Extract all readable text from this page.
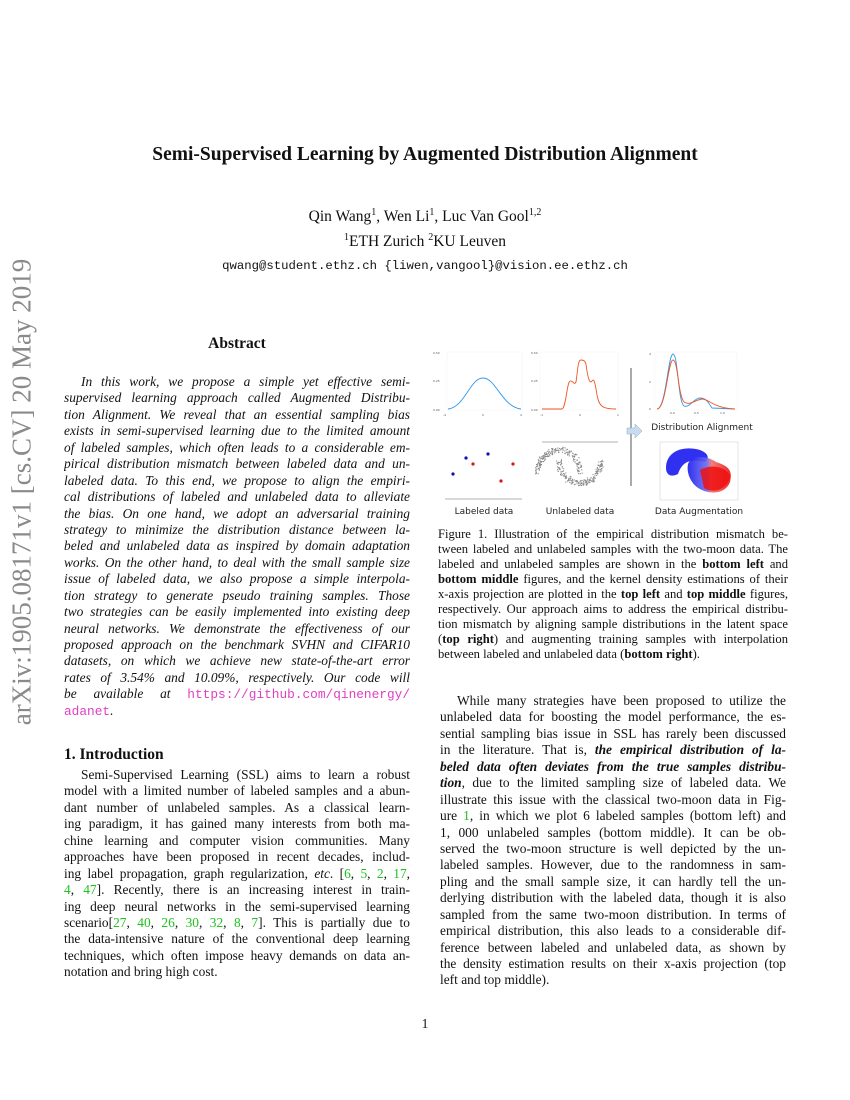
arXiv:1905.08171v1 [cs.CV] 20 May 2019
Semi-Supervised Learning by Augmented Distribution Alignment
Qin Wang$^1$, Wen Li$^1$, Luc Van Gool$^{1,2}$
$^1$ETH Zurich $^2$KU Leuven
qwang@student.ethz.ch {liwen,vangool}@vision.ee.ethz.ch
Abstract
In this work, we propose a simple yet effective semi-
supervised learning approach called Augmented Distribu-
tion Alignment. We reveal that an essential sampling bias
exists in semi-supervised learning due to the limited amount
of labeled samples, which often leads to a considerable em-
pirical distribution mismatch between labeled data and un-
labeled data. To this end, we propose to align the empiri-
cal distributions of labeled and unlabeled data to alleviate
the bias. On one hand, we adopt an adversarial training
strategy to minimize the distribution distance between la-
beled and unlabeled data as inspired by domain adaptation
works. On the other hand, to deal with the small sample size
issue of labeled data, we also propose a simple interpola-
tion strategy to generate pseudo training samples. Those
two strategies can be easily implemented into existing deep
neural networks. We demonstrate the effectiveness of our
proposed approach on the benchmark SVHN and CIFAR10
datasets, on which we achieve new state-of-the-art error
rates of 3.54% and 10.09%, respectively. Our code will
be available at https://github.com/qinenergy/
adanet.
1. Introduction
Semi-Supervised Learning (SSL) aims to learn a robust
model with a limited number of labeled samples and a abun-
dant number of unlabeled samples. As a classical learn-
ing paradigm, it has gained many interests from both ma-
chine learning and computer vision communities. Many
approaches have been proposed in recent decades, includ-
ing label propagation, graph regularization, etc. [6, 5, 2, 17,
4, 47]. Recently, there is an increasing interest in train-
ing deep neural networks in the semi-supervised learning
scenario[27, 40, 26, 30, 32, 8, 7]. This is partially due to
the data-intensive nature of the conventional deep learning
techniques, which often impose heavy demands on data an-
notation and bring high cost.
0.50
0.25
0.00
-4	0	4
0.50
0.25
0.00
-1	0	1
4
2
0
0.0	0.5	1.0
Distribution Alignment
Labeled data	Unlabeled data	Data Augmentation
Figure 1. Illustration of the empirical distribution mismatch be-
tween labeled and unlabeled samples with the two-moon data. The
labeled and unlabeled samples are shown in the bottom left and
bottom middle figures, and the kernel density estimations of their
x-axis projection are plotted in the top left and top middle figures,
respectively. Our approach aims to address the empirical distribu-
tion mismatch by aligning sample distributions in the latent space
(top right) and augmenting training samples with interpolation
between labeled and unlabeled data (bottom right).
While many strategies have been proposed to utilize the
unlabeled data for boosting the model performance, the es-
sential sampling bias issue in SSL has rarely been discussed
in the literature. That is, the empirical distribution of la-
beled data often deviates from the true samples distribu-
tion, due to the limited sampling size of labeled data. We
illustrate this issue with the classical two-moon data in Fig-
ure 1, in which we plot 6 labeled samples (bottom left) and
1, 000 unlabeled samples (bottom middle). It can be ob-
served the two-moon structure is well depicted by the un-
labeled samples. However, due to the randomness in sam-
pling and the small sample size, it can hardly tell the un-
derlying distribution with the labeled data, though it is also
sampled from the same two-moon distribution. In terms of
empirical distribution, this also leads to a considerable dif-
ference between labeled and unlabeled data, as shown by
the density estimation results on their x-axis projection (top
left and top middle).
1
